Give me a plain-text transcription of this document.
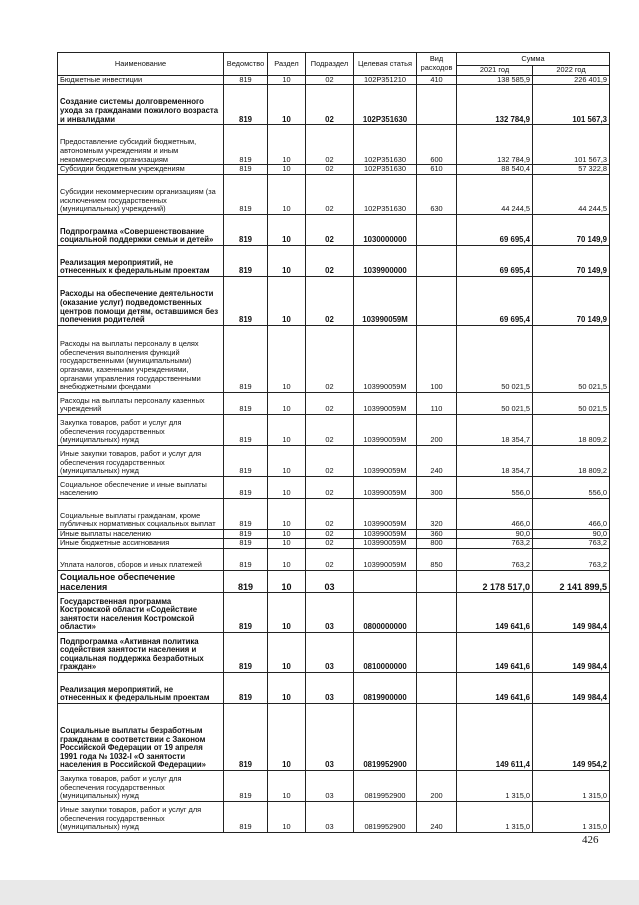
Наименование	Ведомство	Раздел	Подраздел	Целевая статья	Вид расходов	Сумма	
						2021 год	2022 год
Бюджетные инвестиции	819	10	02	102Р351210	410	138 585,9	226 401,9
Создание системы долговременного ухода за гражданами пожилого возраста и инвалидами	819	10	02	102Р351630		132 784,9	101 567,3
Предоставление субсидий бюджетным, автономным учреждениям и иным некоммерческим организациям	819	10	02	102Р351630	600	132 784,9	101 567,3
Субсидии бюджетным учреждениям	819	10	02	102Р351630	610	88 540,4	57 322,8
Субсидии некоммерческим организациям (за исключением государственных (муниципальных) учреждений)	819	10	02	102Р351630	630	44 244,5	44 244,5
Подпрограмма «Совершенствование социальной поддержки семьи и детей»	819	10	02	1030000000		69 695,4	70 149,9
Реализация мероприятий, не отнесенных к федеральным проектам	819	10	02	1039900000		69 695,4	70 149,9
Расходы на обеспечение деятельности (оказание услуг) подведомственных центров помощи детям, оставшимся без попечения родителей	819	10	02	103990059М		69 695,4	70 149,9
Расходы на выплаты персоналу в целях обеспечения выполнения функций государственными (муниципальными) органами, казенными учреждениями, органами управления государственными внебюджетными фондами	819	10	02	103990059М	100	50 021,5	50 021,5
Расходы на выплаты персоналу казенных учреждений	819	10	02	103990059М	110	50 021,5	50 021,5
Закупка товаров, работ и услуг для обеспечения государственных (муниципальных) нужд	819	10	02	103990059М	200	18 354,7	18 809,2
Иные закупки товаров, работ и услуг для обеспечения государственных (муниципальных) нужд	819	10	02	103990059М	240	18 354,7	18 809,2
Социальное обеспечение и иные выплаты населению	819	10	02	103990059М	300	556,0	556,0
Социальные выплаты гражданам, кроме публичных нормативных социальных выплат	819	10	02	103990059М	320	466,0	466,0
Иные выплаты населению	819	10	02	103990059М	360	90,0	90,0
Иные бюджетные ассигнования	819	10	02	103990059М	800	763,2	763,2
Уплата налогов, сборов и иных платежей	819	10	02	103990059М	850	763,2	763,2
Социальное обеспечение населения	819	10	03			2 178 517,0	2 141 899,5
Государственная программа Костромской области «Содействие занятости населения Костромской области»	819	10	03	0800000000		149 641,6	149 984,4
Подпрограмма «Активная политика содействия занятости населения и социальная поддержка безработных граждан»	819	10	03	0810000000		149 641,6	149 984,4
Реализация мероприятий, не отнесенных к федеральным проектам	819	10	03	0819900000		149 641,6	149 984,4
Социальные выплаты безработным гражданам в соответствии с Законом Российской Федерации от 19 апреля 1991 года № 1032-I «О занятости населения в Российской Федерации»	819	10	03	0819952900		149 611,4	149 954,2
Закупка товаров, работ и услуг для обеспечения государственных (муниципальных) нужд	819	10	03	0819952900	200	1 315,0	1 315,0
Иные закупки товаров, работ и услуг для обеспечения государственных (муниципальных) нужд	819	10	03	0819952900	240	1 315,0	1 315,0
426
